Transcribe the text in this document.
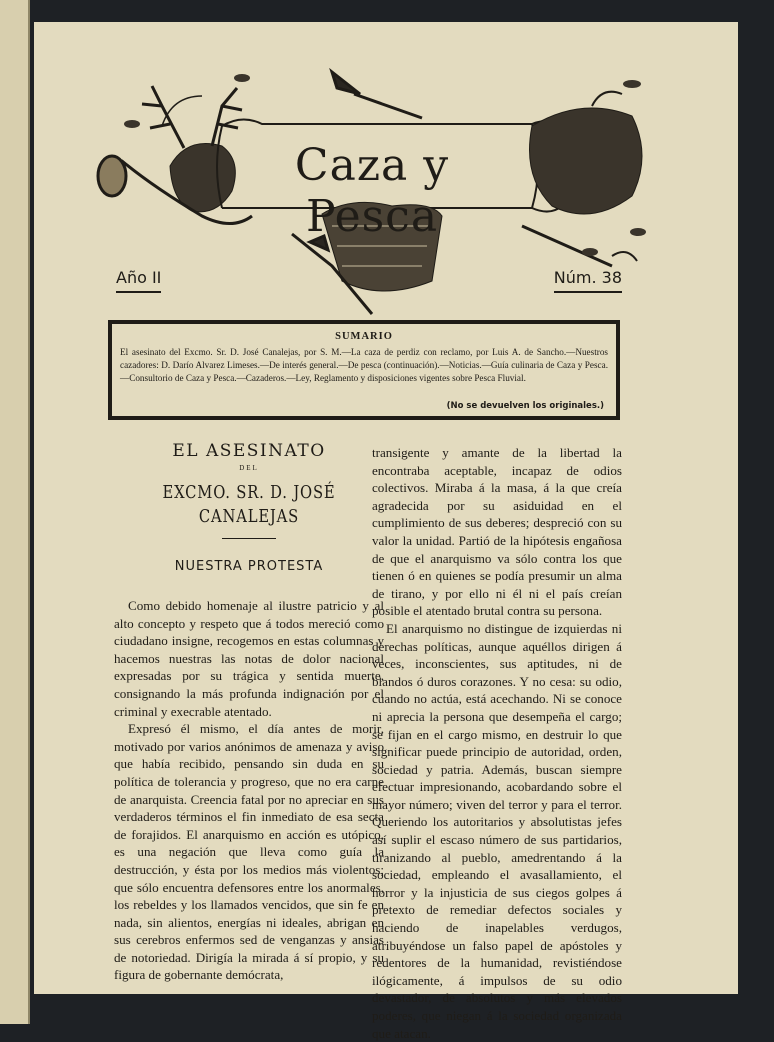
Caza y Pesca
Año II	Núm. 38
SUMARIO

El asesinato del Excmo. Sr. D. José Canalejas, por S. M.—La caza de perdiz con reclamo, por Luis A. de Sancho.—Nuestros cazadores: D. Darío Alvarez Limeses.—De interés general.—De pesca (continuación).—Noticias.—Guía culinaria de Caza y Pesca.—Consultorio de Caza y Pesca.—Cazaderos.—Ley, Reglamento y disposiciones vigentes sobre Pesca Fluvial.

(No se devuelven los originales.)
EL ASESINATO
DEL
EXCMO. SR. D. JOSÉ CANALEJAS
NUESTRA PROTESTA

Como debido homenaje al ilustre patricio y al alto concepto y respeto que á todos mereció como ciudadano insigne, recogemos en estas columnas y hacemos nuestras las notas de dolor nacional expresadas por su trágica y sentida muerte, consignando la más profunda indignación por el criminal y execrable atentado.

Expresó él mismo, el día antes de morir, motivado por varios anónimos de amenaza y aviso que había recibido, pensando sin duda en su política de tolerancia y progreso, que no era carne de anarquista. Creencia fatal por no apreciar en sus verdaderos términos el fin inmediato de esa secta de forajidos. El anarquismo en acción es utópico, es una negación que lleva como guía la destrucción, y ésta por los medios más violentos; que sólo encuentra defensores entre los anormales, los rebeldes y los llamados vencidos, que sin fe en nada, sin alientos, energías ni ideales, abrigan en sus cerebros enfermos sed de venganzas y ansias de notoriedad. Dirigía la mirada á sí propio, y su figura de gobernante demócrata,

transigente y amante de la libertad la encontraba aceptable, incapaz de odios colectivos. Miraba á la masa, á la que creía agradecida por su asiduidad en el cumplimiento de sus deberes; despreció con su valor la unidad. Partió de la hipótesis engañosa de que el anarquismo va sólo contra los que tienen ó en quienes se podía presumir un alma de tirano, y por ello ni él ni el país creían posible el atentado brutal contra su persona.

El anarquismo no distingue de izquierdas ni derechas políticas, aunque aquéllos dirigen á veces, inconscientes, sus aptitudes, ni de blandos ó duros corazones. Y no cesa: su odio, cuando no actúa, está acechando. Ni se conoce ni aprecia la persona que desempeña el cargo; se fijan en el cargo mismo, en destruir lo que significar puede principio de autoridad, orden, sociedad y patria. Además, buscan siempre efectuar impresionando, acobardando sobre el mayor número; viven del terror y para el terror. Queriendo los autoritarios y absolutistas jefes así suplir el escaso número de sus partidarios, tiranizando al pueblo, amedrentando á la sociedad, empleando el avasallamiento, el horror y la injusticia de sus ciegos golpes á pretexto de remediar defectos sociales y haciendo de inapelables verdugos, atribuyéndose un falso papel de apóstoles y redentores de la humanidad, revistiéndose ilógicamente, á impulsos de su odio devastador, de absolutos y más elevados poderes, que niegan á la sociedad organizada que atacan.
